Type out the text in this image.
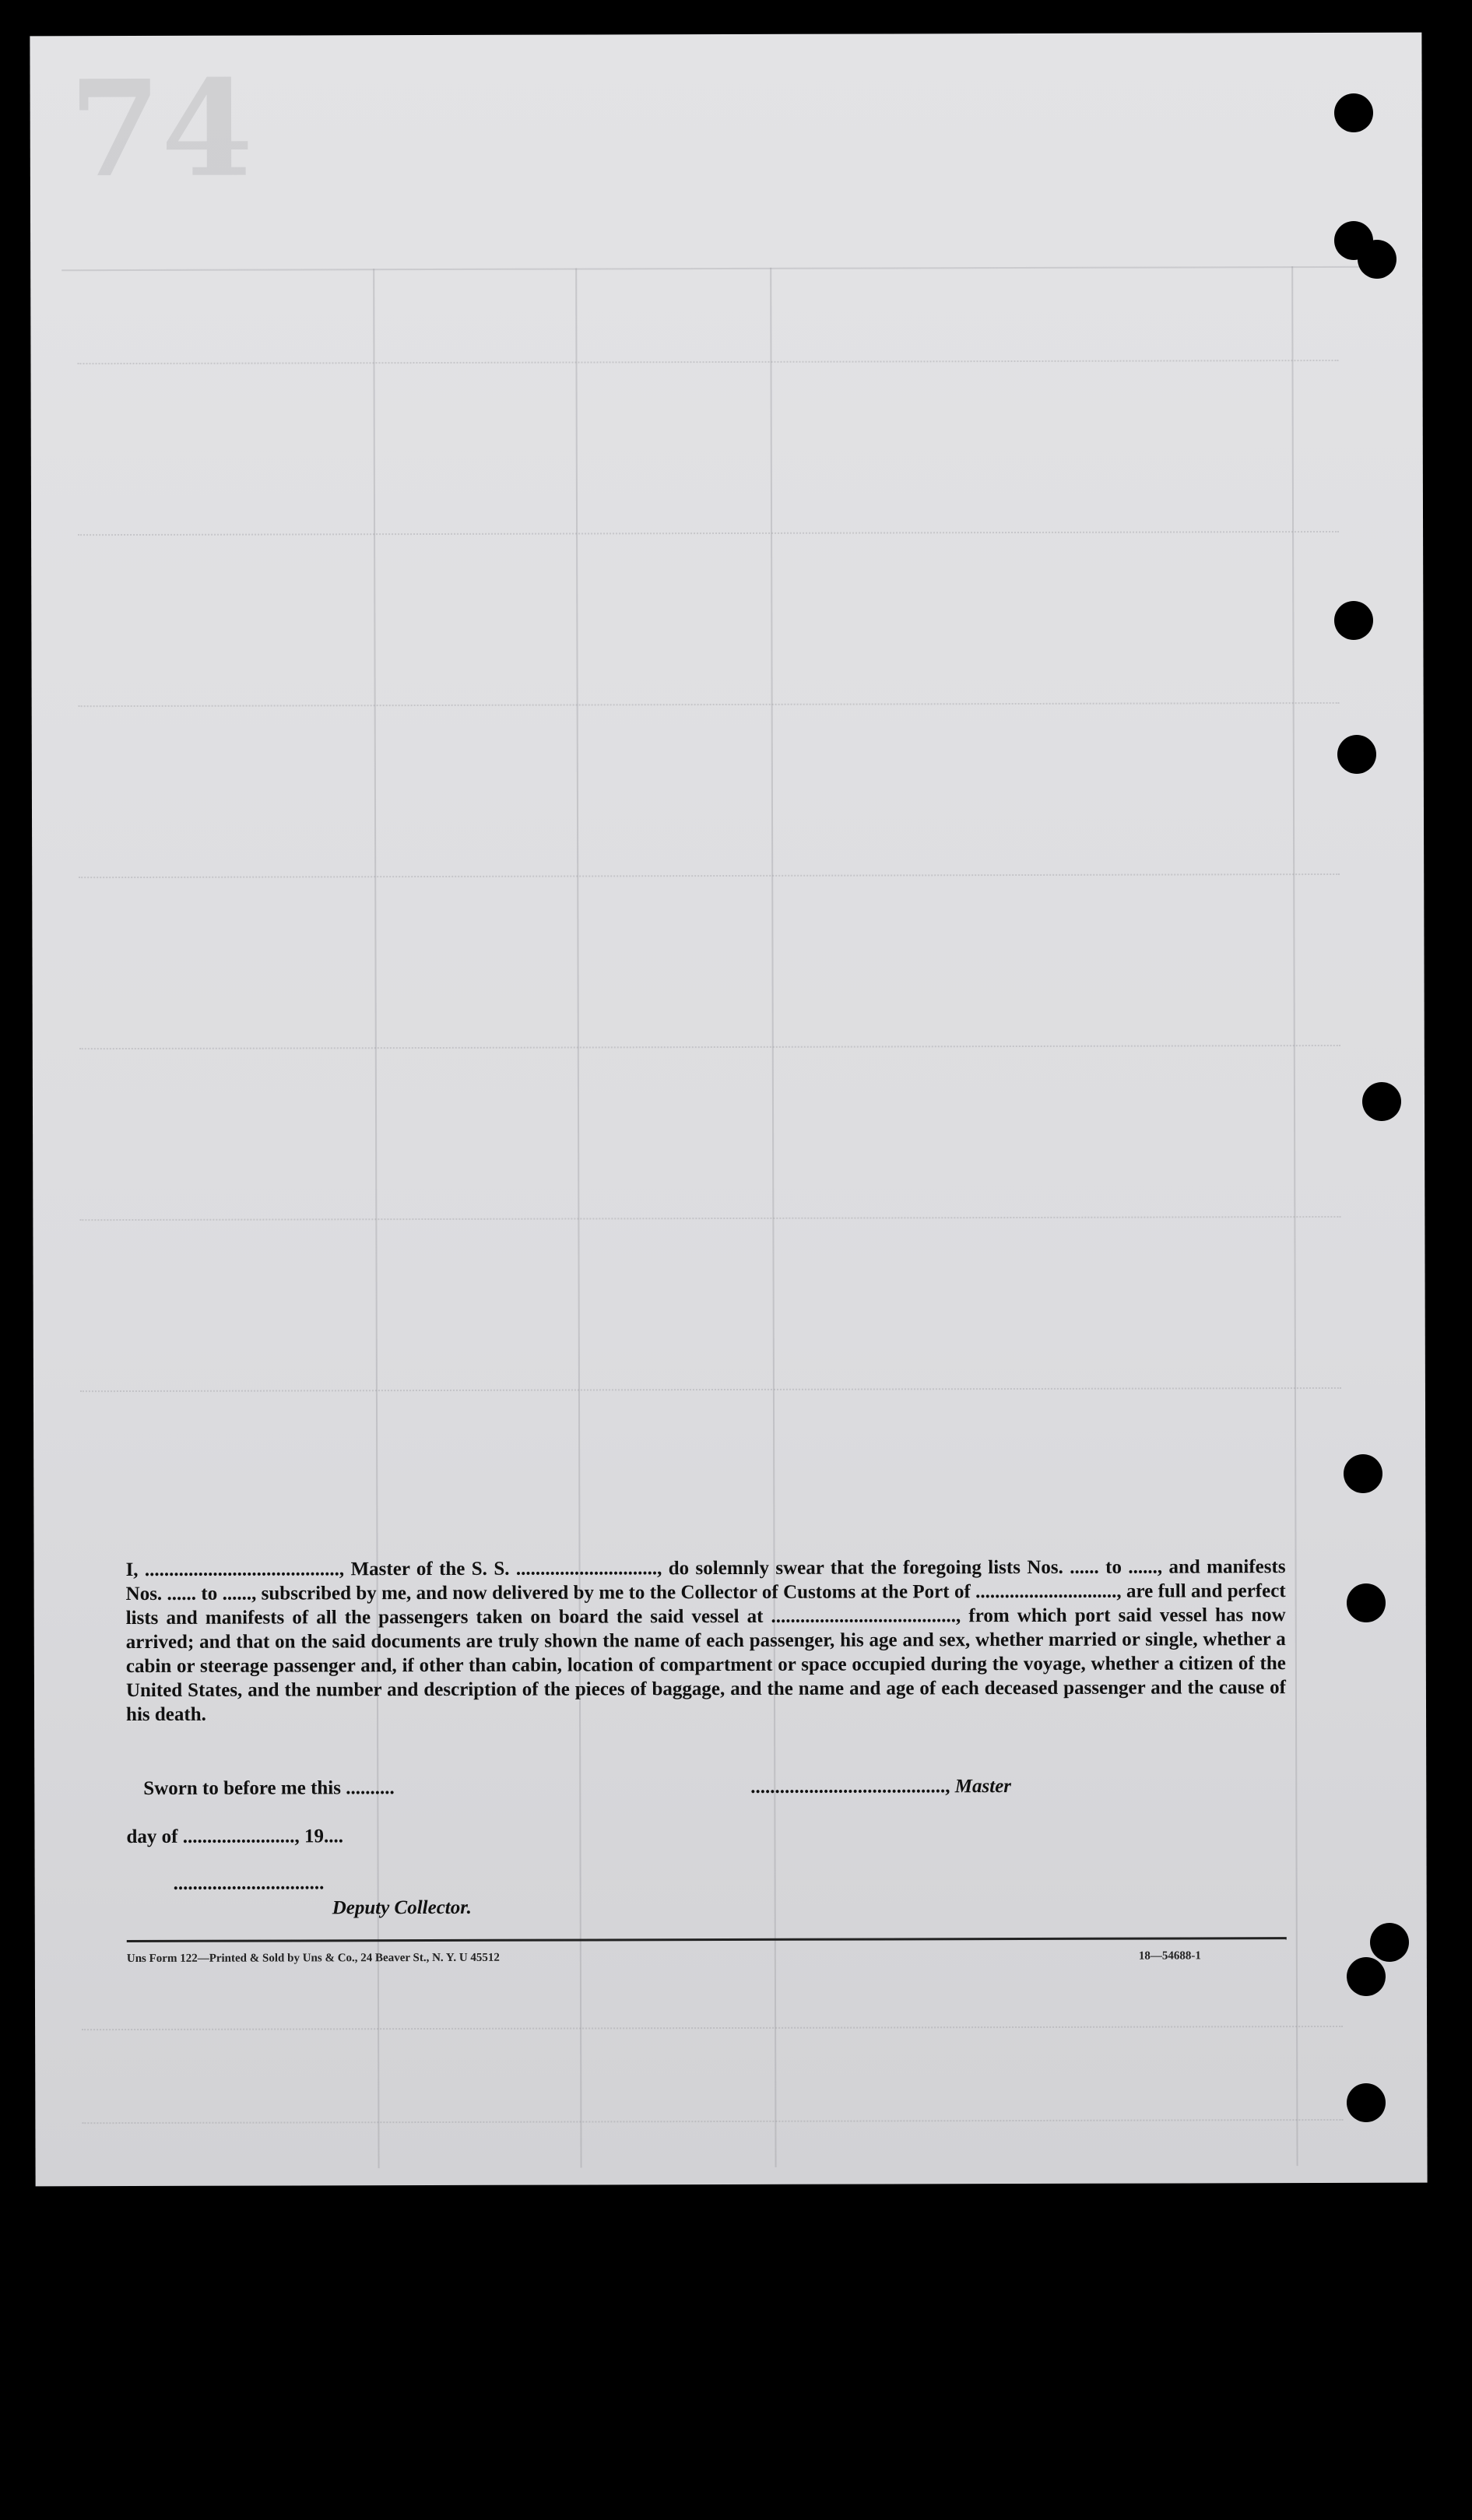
74

I, ........................................, Master of the S. S. ............................., do solemnly swear that the foregoing lists Nos. ...... to ......, and manifests Nos. ...... to ......, subscribed by me, and now delivered by me to the Collector of Customs at the Port of ............................., are full and perfect lists and manifests of all the passengers taken on board the said vessel at ......................................, from which port said vessel has now arrived; and that on the said documents are truly shown the name of each passenger, his age and sex, whether married or single, whether a cabin or steerage passenger and, if other than cabin, location of compartment or space occupied during the voyage, whether a citizen of the United States, and the number and description of the pieces of baggage, and the name and age of each deceased passenger and the cause of his death.

Sworn to before me this ..........	........................................, Master
day of ......................., 19....
...............................
Deputy Collector.
Uns Form 122—Printed & Sold by Uns & Co., 24 Beaver St., N. Y. U 45512	18—54688-1
